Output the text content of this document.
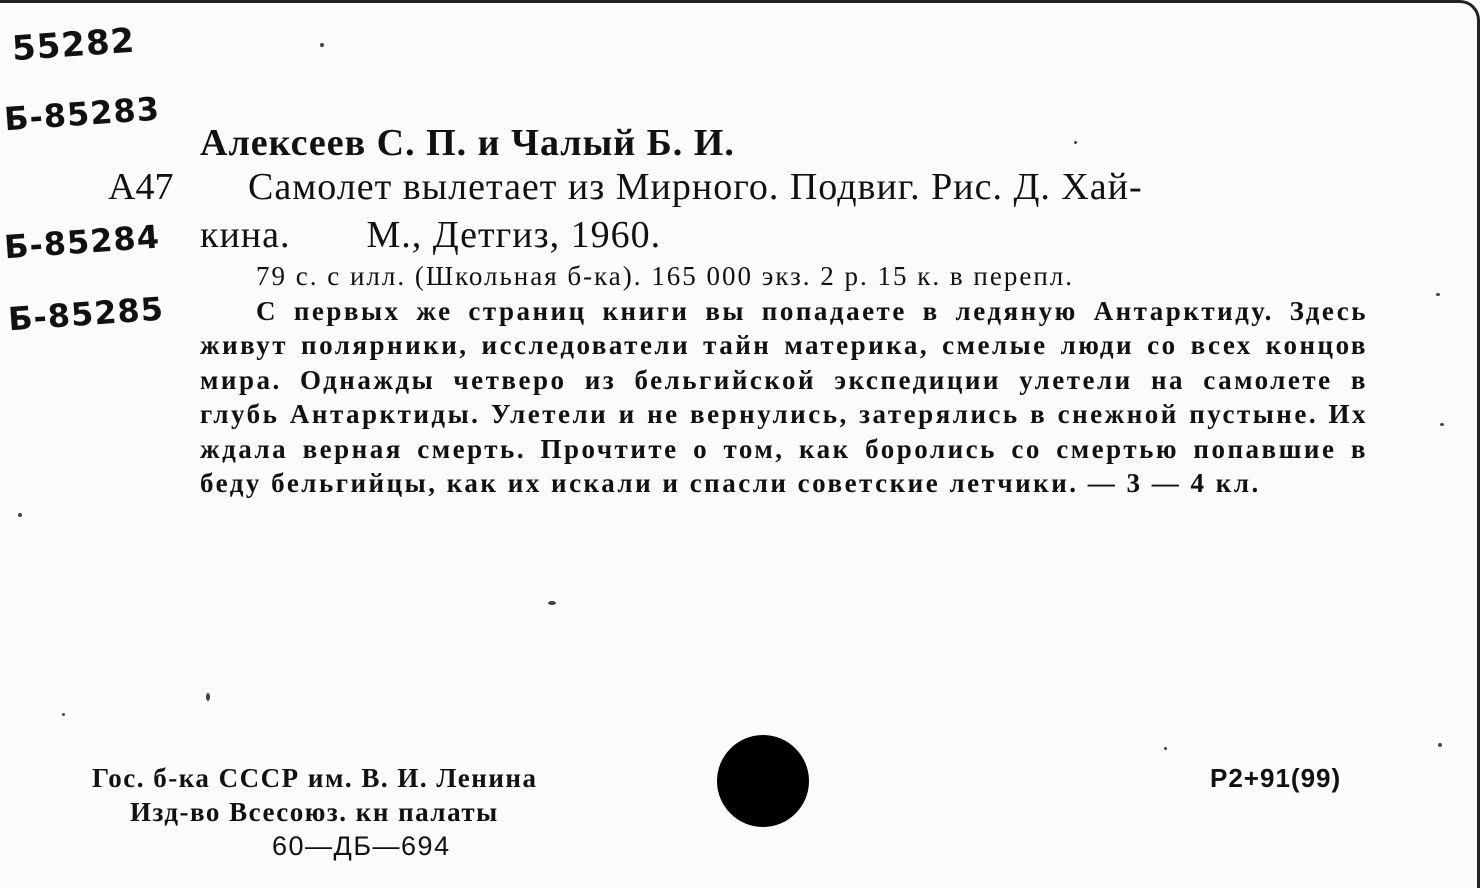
55282
Б-85283
Б-85284
Б-85285
Алексеев С. П. и Чалый Б. И.
А47 Самолет вылетает из Мирного. Подвиг. Рис. Д. Хай-
кина. М., Детгиз, 1960.
79 с. с илл. (Школьная б-ка). 165 000 экз. 2 р. 15 к. в перепл.
С первых же страниц книги вы попадаете в ледяную Антарктиду. Здесь живут полярники, исследователи тайн материка, смелые люди со всех концов мира. Однажды четверо из бельгийской экспедиции улетели на самолете в глубь Антарктиды. Улетели и не вернулись, затерялись в снежной пустыне. Их ждала верная смерть. Прочтите о том, как боролись со смертью попавшие в беду бельгийцы, как их искали и спасли советские летчики. — 3 — 4 кл.
Гос. б-ка СССР им. В. И. Ленина
Изд-во Всесоюз. кн палаты
60—ДБ—694
Р2+91(99)
